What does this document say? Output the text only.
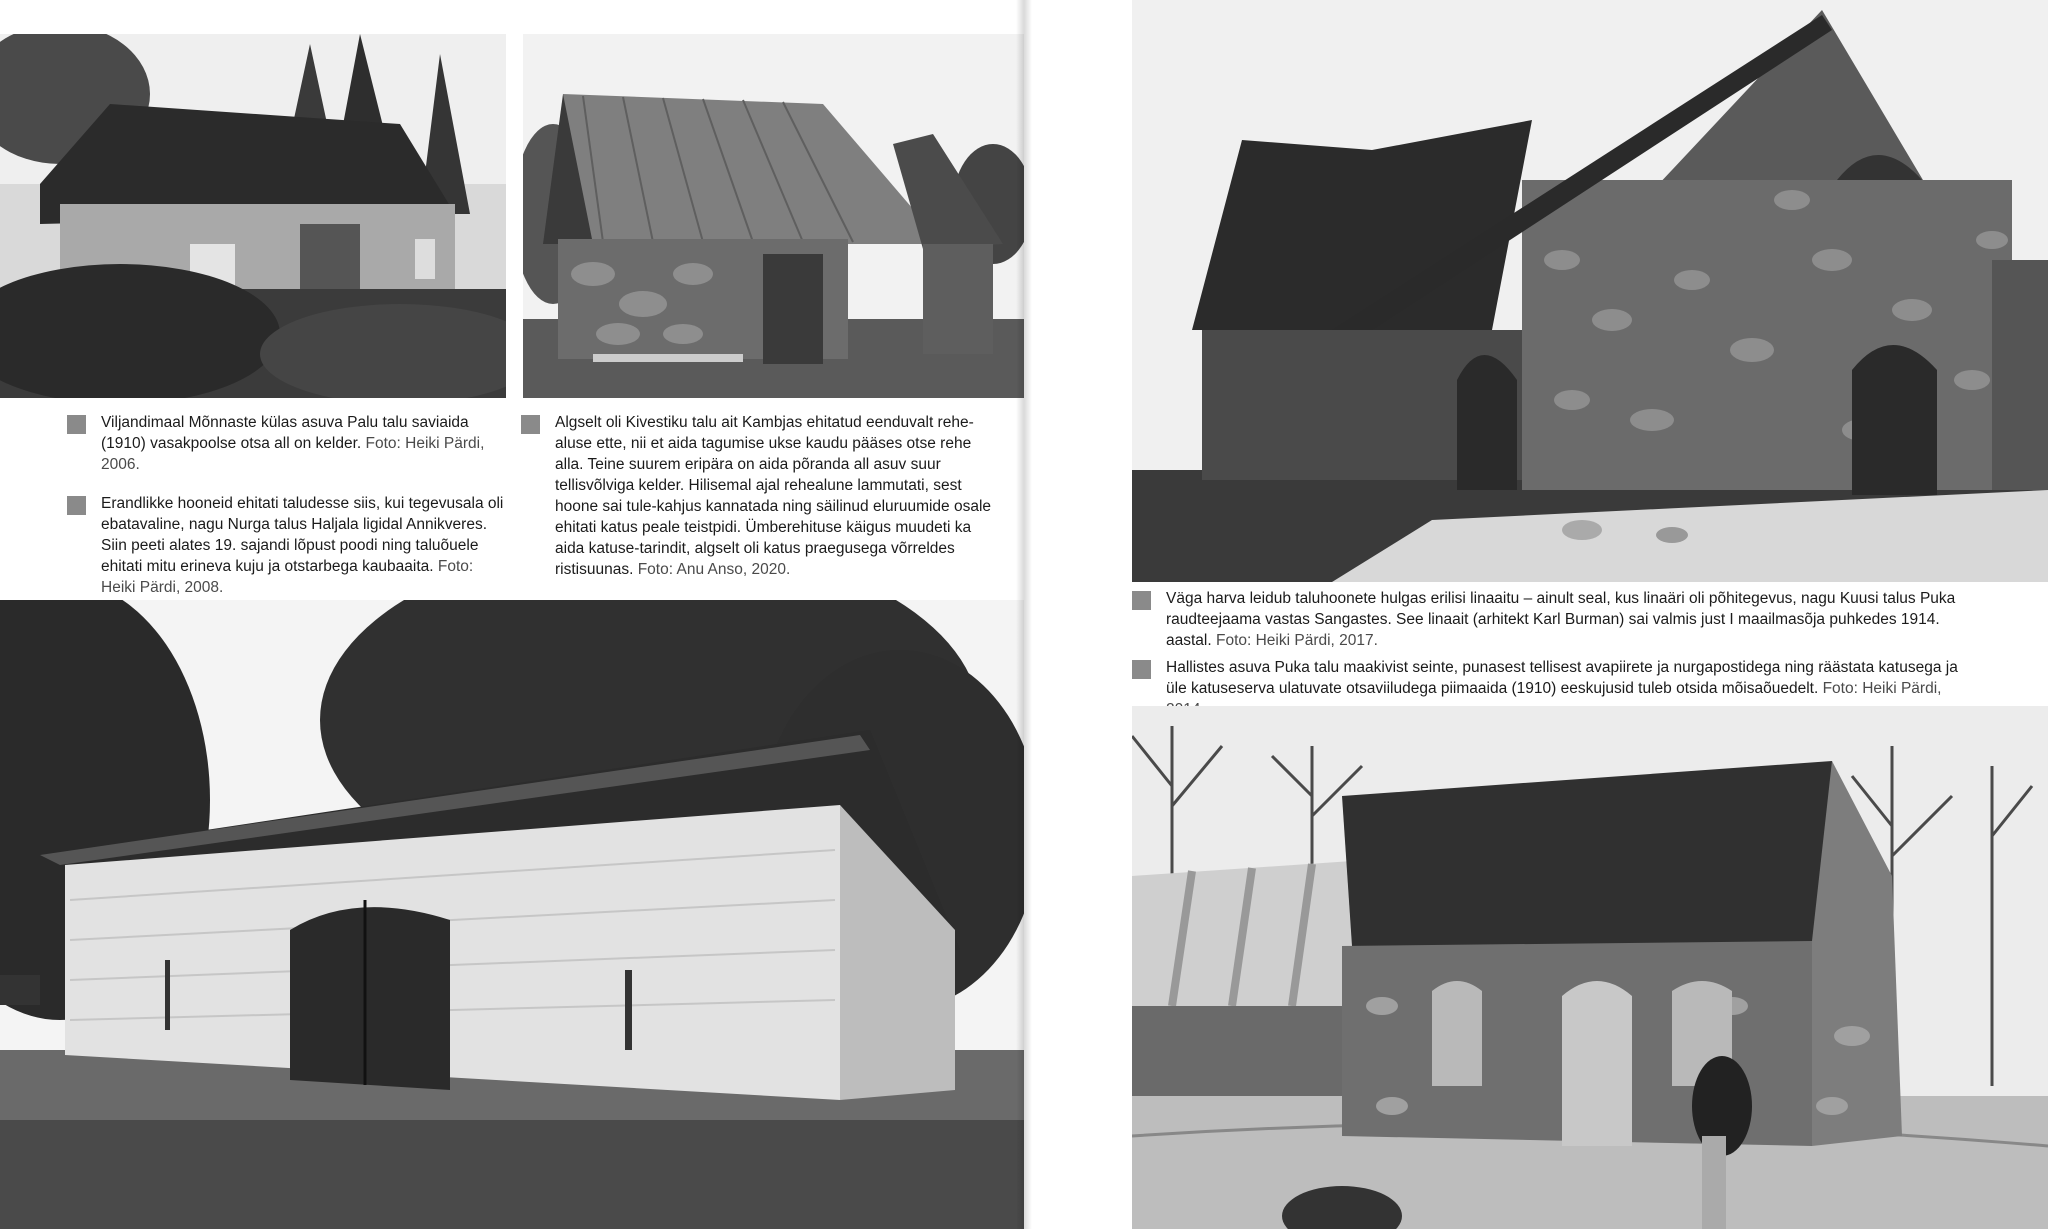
Viljandimaal Mõnnaste külas asuva Palu talu saviaida (1910) vasakpoolse otsa all on kelder. Foto: Heiki Pärdi, 2006.
Erandlikke hooneid ehitati taludesse siis, kui tegevusala oli ebatavaline, nagu Nurga talus Haljala ligidal Annikveres. Siin peeti alates 19. sajandi lõpust poodi ning taluõuele ehitati mitu erineva kuju ja otstarbega kaubaaita. Foto: Heiki Pärdi, 2008.
Algselt oli Kivestiku talu ait Kambjas ehitatud eenduvalt rehe-aluse ette, nii et aida tagumise ukse kaudu pääses otse rehe alla. Teine suurem eripära on aida põranda all asuv suur tellisvõlviga kelder. Hilisemal ajal rehealune lammutati, sest hoone sai tule-kahjus kannatada ning säilinud eluruumide osale ehitati katus peale teistpidi. Ümberehituse käigus muudeti ka aida katuse-tarindit, algselt oli katus praegusega võrreldes ristisuunas. Foto: Anu Anso, 2020.
Väga harva leidub taluhoonete hulgas erilisi linaaitu – ainult seal, kus linaäri oli põhitegevus, nagu Kuusi talus Puka raudteejaama vastas Sangastes. See linaait (arhitekt Karl Burman) sai valmis just I maailmasõja puhkedes 1914. aastal. Foto: Heiki Pärdi, 2017.
Hallistes asuva Puka talu maakivist seinte, punasest tellisest avapiirete ja nurgapostidega ning räästata katusega ja üle katuseserva ulatuvate otsaviiludega piimaaida (1910) eeskujusid tuleb otsida mõisaõuedelt. Foto: Heiki Pärdi,
